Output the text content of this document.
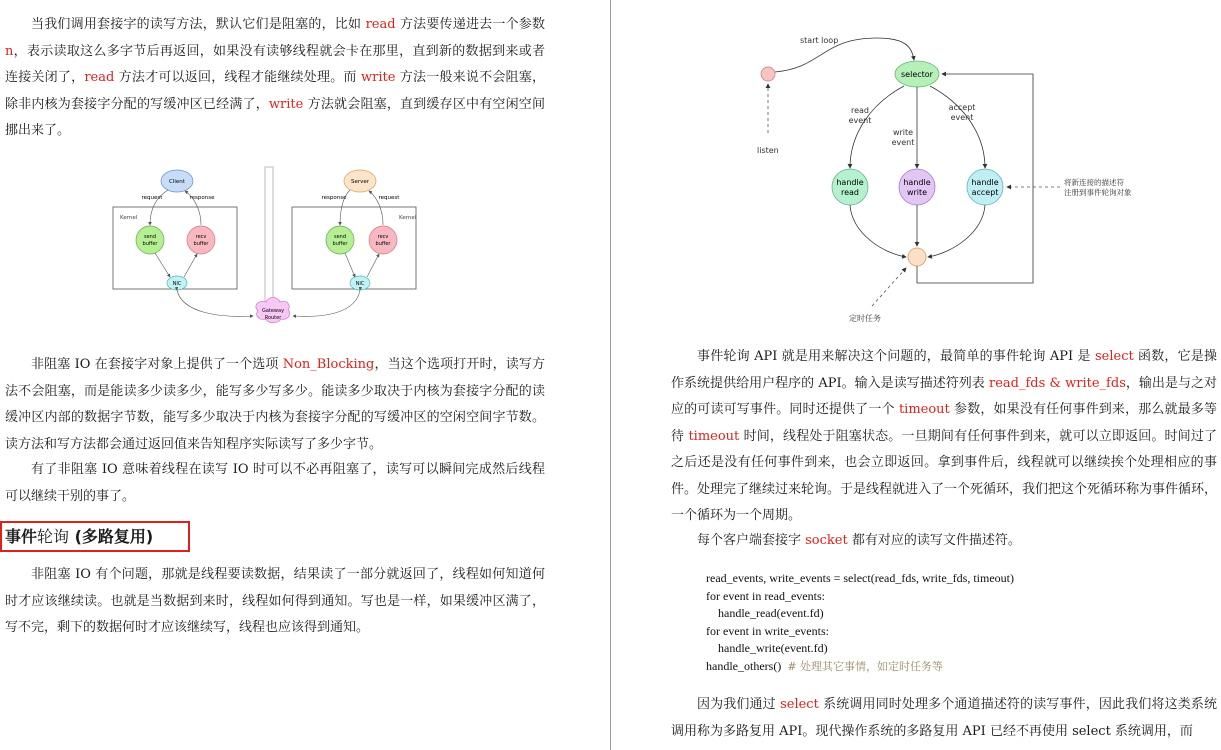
当我们调用套接字的读写方法，默认它们是阻塞的，比如 read 方法要传递进去一个参数 n，表示读取这么多字节后再返回，如果没有读够线程就会卡在那里，直到新的数据到来或者连接关闭了，read 方法才可以返回，线程才能继续处理。而 write 方法一般来说不会阻塞，除非内核为套接字分配的写缓冲区已经满了，write 方法就会阻塞，直到缓存区中有空闲空间挪出来了。

Kernel	Kernel
Client
request	response
send
buffer
recv
buffer
NIC
Server
response	request
send
buffer
recv
buffer
NIC
Gateway
Router

非阻塞 IO 在套接字对象上提供了一个选项 Non_Blocking，当这个选项打开时，读写方法不会阻塞，而是能读多少读多少，能写多少写多少。能读多少取决于内核为套接字分配的读缓冲区内部的数据字节数，能写多少取决于内核为套接字分配的写缓冲区的空闲空间字节数。读方法和写方法都会通过返回值来告知程序实际读写了多少字节。

有了非阻塞 IO 意味着线程在读写 IO 时可以不必再阻塞了，读写可以瞬间完成然后线程可以继续干别的事了。

事件轮询 (多路复用)

非阻塞 IO 有个问题，那就是线程要读数据，结果读了一部分就返回了，线程如何知道何时才应该继续读。也就是当数据到来时，线程如何得到通知。写也是一样，如果缓冲区满了，写不完，剩下的数据何时才应该继续写，线程也应该得到通知。

start loop
listen
selector
read
event
write
event
accept
event
handle
read
handle
write
handle
accept
将新连接的描述符
注册到事件轮询对象
定时任务

事件轮询 API 就是用来解决这个问题的，最简单的事件轮询 API 是 select 函数，它是操作系统提供给用户程序的 API。输入是读写描述符列表 read_fds & write_fds，输出是与之对应的可读可写事件。同时还提供了一个 timeout 参数，如果没有任何事件到来，那么就最多等待 timeout 时间，线程处于阻塞状态。一旦期间有任何事件到来，就可以立即返回。时间过了之后还是没有任何事件到来，也会立即返回。拿到事件后，线程就可以继续挨个处理相应的事件。处理完了继续过来轮询。于是线程就进入了一个死循环，我们把这个死循环称为事件循环，一个循环为一个周期。

每个客户端套接字 socket 都有对应的读写文件描述符。

read_events, write_events = select(read_fds, write_fds, timeout)
for event in read_events:
handle_read(event.fd)
for event in write_events:
handle_write(event.fd)
handle_others() # 处理其它事情，如定时任务等

因为我们通过 select 系统调用同时处理多个通道描述符的读写事件，因此我们将这类系统调用称为多路复用 API。现代操作系统的多路复用 API 已经不再使用 select 系统调用，而
